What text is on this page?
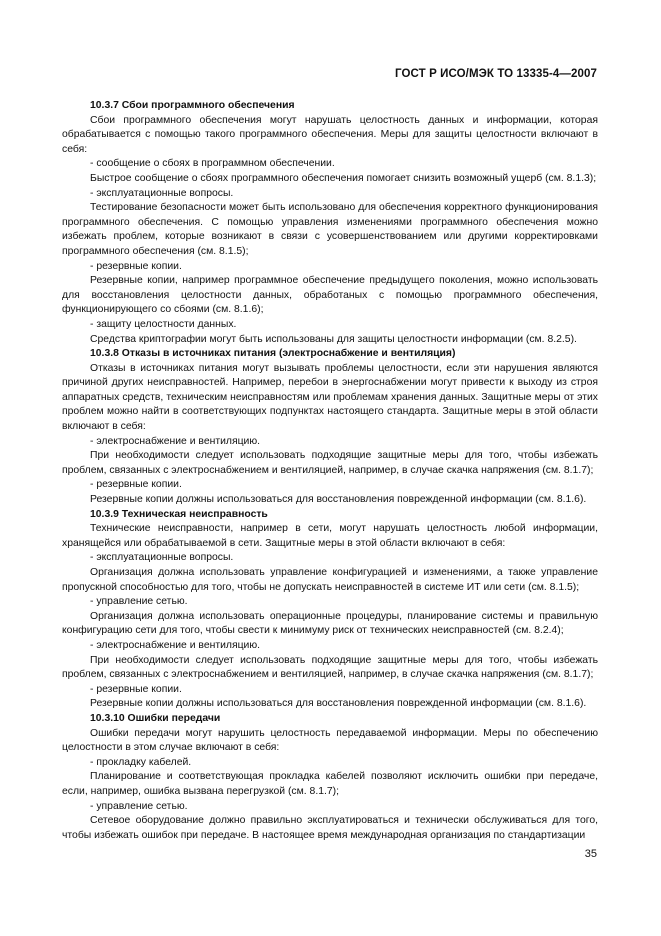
ГОСТ Р ИСО/МЭК ТО 13335-4—2007
10.3.7 Сбои программного обеспечения
Сбои программного обеспечения могут нарушать целостность данных и информации, которая обрабатывается с помощью такого программного обеспечения. Меры для защиты целостности включают в себя:
- сообщение о сбоях в программном обеспечении.
Быстрое сообщение о сбоях программного обеспечения помогает снизить возможный ущерб (см. 8.1.3);
- эксплуатационные вопросы.
Тестирование безопасности может быть использовано для обеспечения корректного функционирования программного обеспечения. С помощью управления изменениями программного обеспечения можно избежать проблем, которые возникают в связи с усовершенствованием или другими корректировками программного обеспечения (см. 8.1.5);
- резервные копии.
Резервные копии, например программное обеспечение предыдущего поколения, можно использовать для восстановления целостности данных, обработаных с помощью программного обеспечения, функционирующего со сбоями (см. 8.1.6);
- защиту целостности данных.
Средства криптографии могут быть использованы для защиты целостности информации (см. 8.2.5).
10.3.8 Отказы в источниках питания (электроснабжение и вентиляция)
Отказы в источниках питания могут вызывать проблемы целостности, если эти нарушения являются причиной других неисправностей. Например, перебои в энергоснабжении могут привести к выходу из строя аппаратных средств, техническим неисправностям или проблемам хранения данных. Защитные меры от этих проблем можно найти в соответствующих подпунктах настоящего стандарта. Защитные меры в этой области включают в себя:
- электроснабжение и вентиляцию.
При необходимости следует использовать подходящие защитные меры для того, чтобы избежать проблем, связанных с электроснабжением и вентиляцией, например, в случае скачка напряжения (см. 8.1.7);
- резервные копии.
Резервные копии должны использоваться для восстановления поврежденной информации (см. 8.1.6).
10.3.9 Техническая неисправность
Технические неисправности, например в сети, могут нарушать целостность любой информации, хранящейся или обрабатываемой в сети. Защитные меры в этой области включают в себя:
- эксплуатационные вопросы.
Организация должна использовать управление конфигурацией и изменениями, а также управление пропускной способностью для того, чтобы не допускать неисправностей в системе ИТ или сети (см. 8.1.5);
- управление сетью.
Организация должна использовать операционные процедуры, планирование системы и правильную конфигурацию сети для того, чтобы свести к минимуму риск от технических неисправностей (см. 8.2.4);
- электроснабжение и вентиляцию.
При необходимости следует использовать подходящие защитные меры для того, чтобы избежать проблем, связанных с электроснабжением и вентиляцией, например, в случае скачка напряжения (см. 8.1.7);
- резервные копии.
Резервные копии должны использоваться для восстановления поврежденной информации (см. 8.1.6).
10.3.10 Ошибки передачи
Ошибки передачи могут нарушить целостность передаваемой информации. Меры по обеспечению целостности в этом случае включают в себя:
- прокладку кабелей.
Планирование и соответствующая прокладка кабелей позволяют исключить ошибки при передаче, если, например, ошибка вызвана перегрузкой (см. 8.1.7);
- управление сетью.
Сетевое оборудование должно правильно эксплуатироваться и технически обслуживаться для того, чтобы избежать ошибок при передаче. В настоящее время международная организация по стандартизации
35
